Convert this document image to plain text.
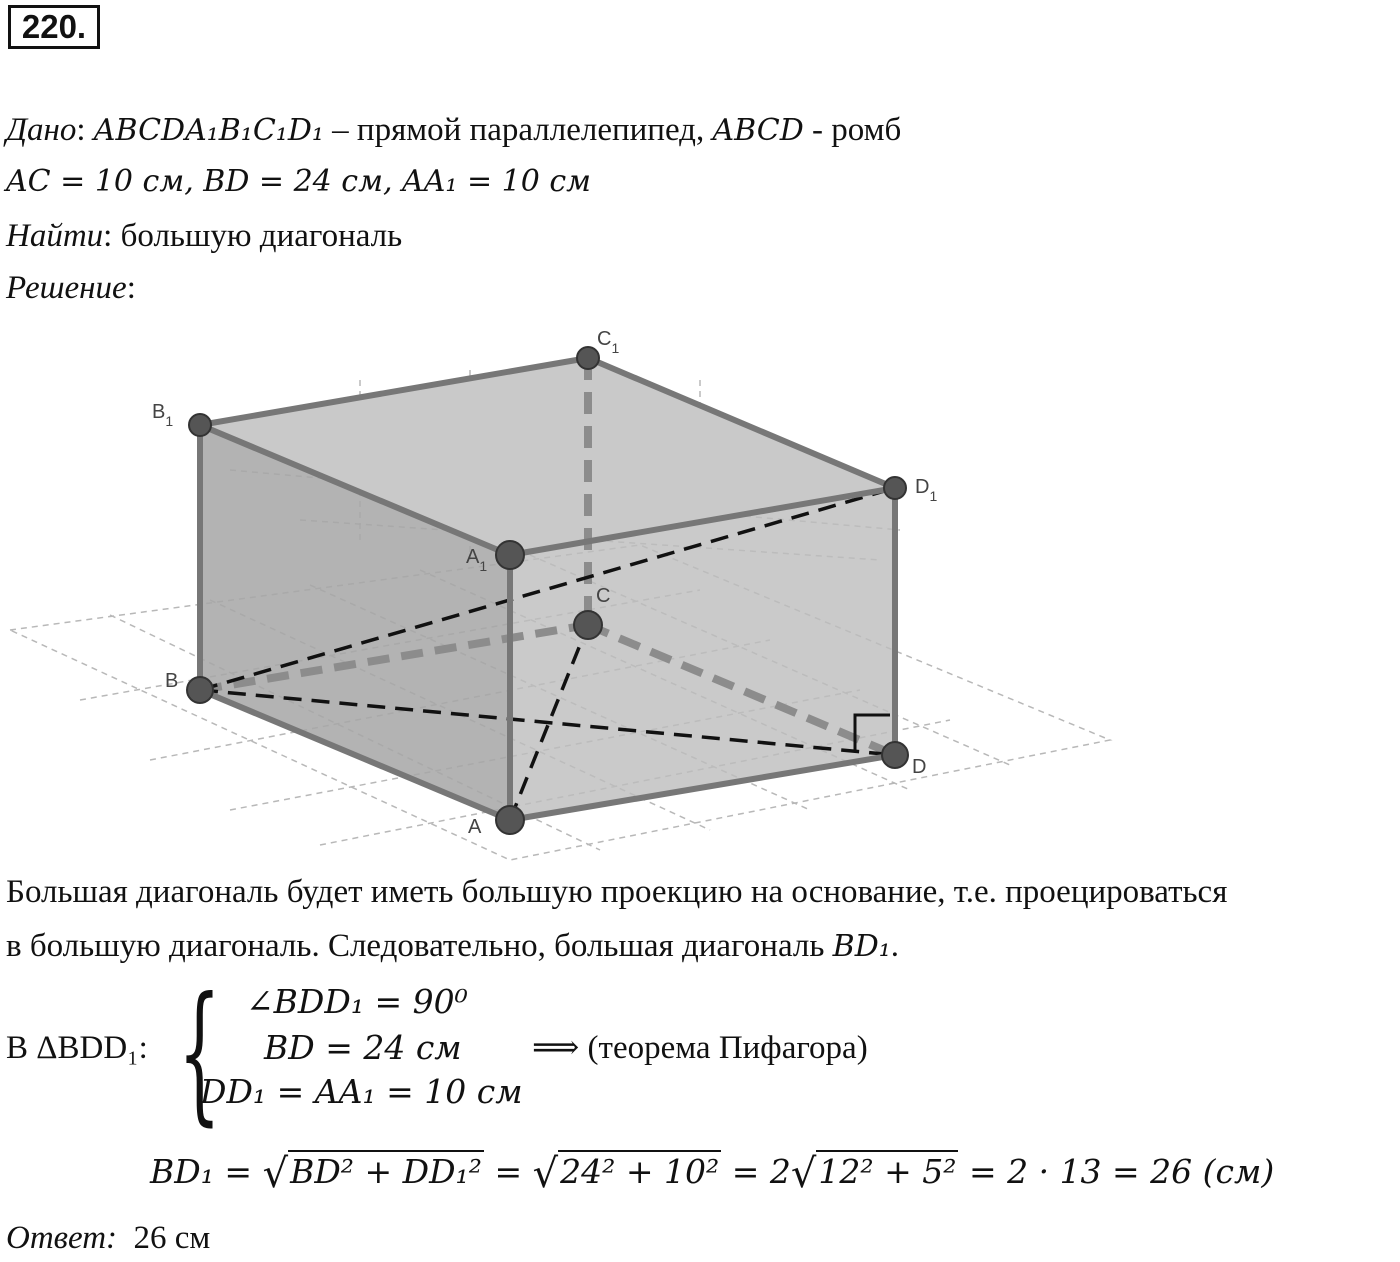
220.
Дано: ABCDA₁B₁C₁D₁ – прямой параллелепипед, ABCD - ромб
AC = 10 см, BD = 24 см, AA₁ = 10 см
Найти: большую диагональ
Решение:
$B_1$
$C_1$
$D_1$
$A_1$
C
B
D
A
Большая диагональ будет иметь большую проекцию на основание, т.е. проецироваться
в большую диагональ. Следовательно, большая диагональ BD₁.
В ΔBDD₁: { ∠BDD₁ = 90⁰
BD = 24 см
DD₁ = AA₁ = 10 см
⟹ (теорема Пифагора)
BD₁ = √BD² + DD₁² = √24² + 10² = 2√12² + 5² = 2 · 13 = 26 (см)
Ответ: 26 см
